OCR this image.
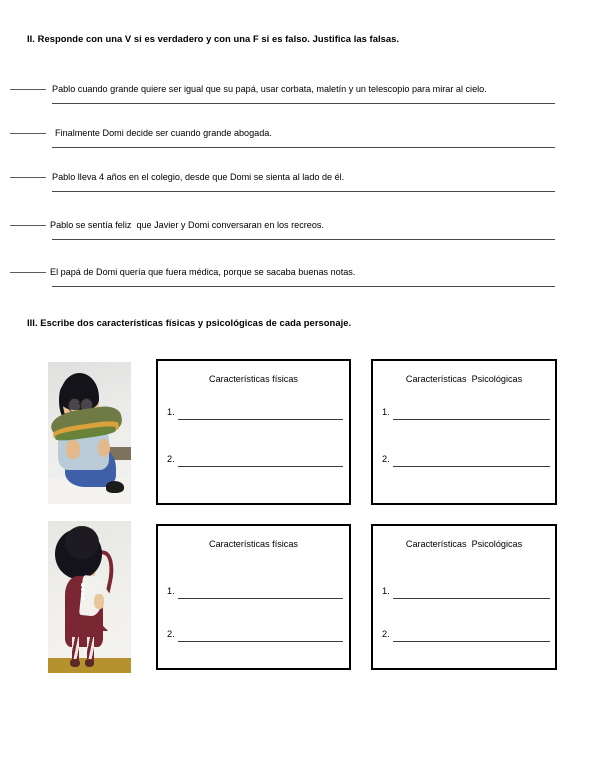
II. Responde con una V si es verdadero y con una F si es falso. Justifica las falsas.
Pablo cuando grande quiere ser igual que su papá, usar corbata, maletín y un telescopio para mirar al cielo.
Finalmente Domi decide ser cuando grande abogada.
Pablo lleva 4 años en el colegio, desde que Domi se sienta al lado de él.
Pablo se sentía feliz  que Javier y Domi conversaran en los recreos.
El papá de Domi quería que fuera médica, porque se sacaba buenas notas.
III. Escribe dos características físicas y psicológicas de cada personaje.
Características físicas
1.
2.
Características  Psicológicas
1.
2.
Características físicas
1.
2.
Características  Psicológicas
1.
2.
